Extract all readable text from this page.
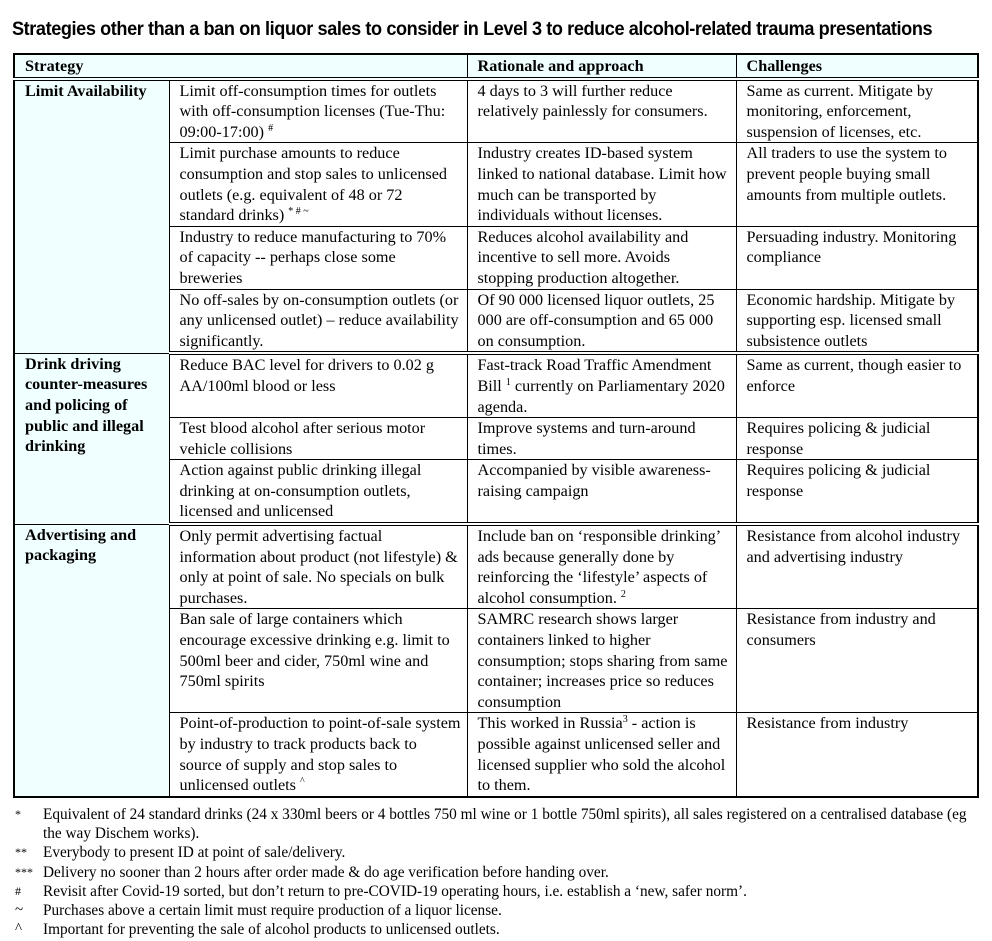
Strategies other than a ban on liquor sales to consider in Level 3 to reduce alcohol-related trauma presentations
Strategy		Rationale and approach	Challenges
Limit Availability	Limit off-consumption times for outlets with off-consumption licenses (Tue-Thu: 09:00-17:00) #	4 days to 3 will further reduce relatively painlessly for consumers.	Same as current. Mitigate by monitoring, enforcement, suspension of licenses, etc.
	Limit purchase amounts to reduce consumption and stop sales to unlicensed outlets (e.g. equivalent of 48 or 72 standard drinks) * # ~	Industry creates ID-based system linked to national database. Limit how much can be transported by individuals without licenses.	All traders to use the system to prevent people buying small amounts from multiple outlets.
	Industry to reduce manufacturing to 70% of capacity -- perhaps close some breweries	Reduces alcohol availability and incentive to sell more. Avoids stopping production altogether.	Persuading industry. Monitoring compliance
	No off-sales by on-consumption outlets (or any unlicensed outlet) – reduce availability significantly.	Of 90 000 licensed liquor outlets, 25 000 are off-consumption and 65 000 on consumption.	Economic hardship. Mitigate by supporting esp. licensed small subsistence outlets
Drink driving counter-measures and policing of public and illegal drinking	Reduce BAC level for drivers to 0.02 g AA/100ml blood or less	Fast-track Road Traffic Amendment Bill $^1$ currently on Parliamentary 2020 agenda.	Same as current, though easier to enforce
	Test blood alcohol after serious motor vehicle collisions	Improve systems and turn-around times.	Requires policing & judicial response
	Action against public drinking illegal drinking at on-consumption outlets, licensed and unlicensed	Accompanied by visible awareness-raising campaign	Requires policing & judicial response
Advertising and packaging	Only permit advertising factual information about product (not lifestyle) & only at point of sale. No specials on bulk purchases.	Include ban on ‘responsible drinking’ ads because generally done by reinforcing the ‘lifestyle’ aspects of alcohol consumption. $^2$	Resistance from alcohol industry and advertising industry
	Ban sale of large containers which encourage excessive drinking e.g. limit to 500ml beer and cider, 750ml wine and 750ml spirits	SAMRC research shows larger containers linked to higher consumption; stops sharing from same container; increases price so reduces consumption	Resistance from industry and consumers
	Point-of-production to point-of-sale system by industry to track products back to source of supply and stop sales to unlicensed outlets ^	This worked in Russia$^3$ - action is possible against unlicensed seller and licensed supplier who sold the alcohol to them.	Resistance from industry
*	Equivalent of 24 standard drinks (24 x 330ml beers or 4 bottles 750 ml wine or 1 bottle 750ml spirits), all sales registered on a centralised database (eg the way Dischem works).
**	Everybody to present ID at point of sale/delivery.
*** Delivery no sooner than 2 hours after order made & do age verification before handing over.
#	Revisit after Covid-19 sorted, but don’t return to pre-COVID-19 operating hours, i.e. establish a ‘new, safer norm’.
~	Purchases above a certain limit must require production of a liquor license.
^	Important for preventing the sale of alcohol products to unlicensed outlets.
